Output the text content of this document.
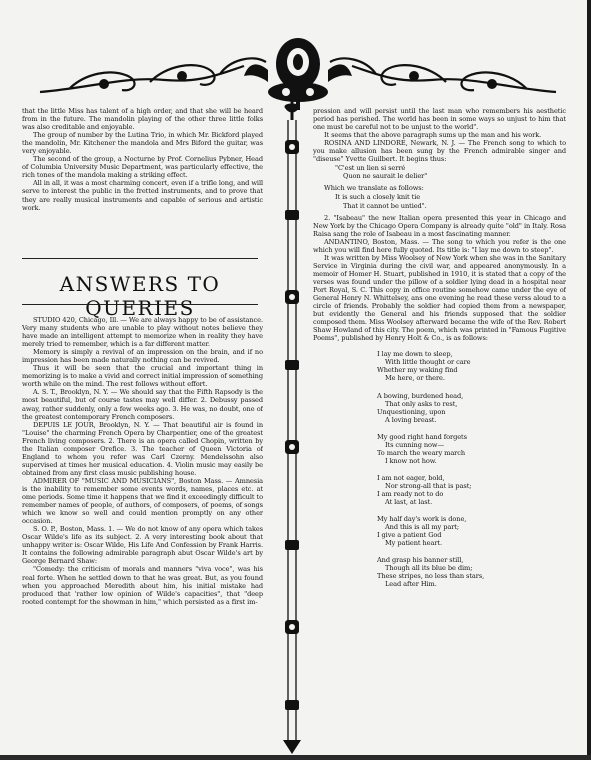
that the little Miss has talent of a high order, and that she will be heard from in the future. The mandolin playing of the other three little folks was also creditable and enjoyable.

The group of number by the Lutina Trio, in which Mr. Bickford played the mandolin, Mr. Kitchener the mandola and Mrs Biford the guitar, was very enjoyable.

The second of the group, a Nocturne by Prof. Cornelius Pybner, Head of Columbia University Music Department, was particularly effective, the rich tones of the mandola making a striking effect.

All in all, it was a most charming concert, even if a trifle long, and will serve to interest the public in the fretted instruments, and to prove that they are really musical instruments and capable of serious and artistic work.

ANSWERS TO QUERIES

STUDIO 420, Chicago, Ill. — We are always happy to be of assistance. Very many students who are unable to play without notes believe they have made an intelligent attempt to memorize when in reality they have merely tried to remember, which is a far different matter.

Memory is simply a revival of an impression on the brain, and if no impression has been made naturally nothing can be revived.

Thus it will be seen that the crucial and important thing in memorizing is to make a vivid and correct initial impression of something worth while on the mind. The rest follows without effort.

A. S. T., Brooklyn, N. Y. — We should say that the Fifth Rapsody is the most beautiful, but of course tastes may well differ. 2. Debussy passed away, rather suddenly, only a few weeks ago. 3. He was, no doubt, one of the greatest contemporary French composers.

DEPUIS LE JOUR, Brooklyn, N. Y. — That beautiful air is found in "Louise" the charming French Opera by Charpentier, one of the greatest French living composers. 2. There is an opera called Chopin, written by the Italian composer Orefice. 3. The teacher of Queen Victoria of England to whom you refer was Carl Czerny. Mendelssohn also supervised at times her musical education. 4. Violin music may easily be obtained from any first class music publishing house.

ADMIRER OF "MUSIC AND MUSICIANS", Boston Mass. — Amnesia is the inability to remember some events words, names, places etc. at ome periods. Some time it happens that we find it exceedingly difficult to remember names of people, of authors, of composers, of poems, of songs which we know so well and could mention promptly on any other occasion.

S. O. P., Boston, Mass. 1. — We do not know of any opera which takes Oscar Wilde's life as its subject. 2. A very interesting book about that unhappy writer is: Oscar Wilde, His Life And Confession by Frank Harris. It contains the following admirable paragraph abut Oscar Wilde's art by George Bernard Shaw:

"Comedy: the criticism of morals and manners "viva voce", was his real forte. When he settled down to that he was great. But, as you found when you approached Meredith about him, his initial mistake had produced that 'rather low opinion of Wilde's capacities", that "deep rooted contempt for the showman in him," which persisted as a first im-

pression and will persist until the last man who remembers his aesthetic period has perished. The world has been in some ways so unjust to him that one must be careful not to be unjust to the world".

It seems that the above paragraph sums up the man and his work.

ROSINA AND LINDORE, Newark, N. J. — The French song to which to you make allusion has been sung by the French admirable singer and "diseuse" Yvette Guilbert. It begins thus:

"C'est un lien si serré
Quon ne saurait le delier"

Which we translate as follows:

It is such a closely knit tie
That it cannot be untied".

2. "Isabeau" the new Italian opera presented this year in Chicago and New York by the Chicago Opera Company is already quite "old" in Italy. Rosa Raisa sang the role of Isabeau in a most fascinating manner.

ANDANTINO, Boston, Mass. — The song to which you refer is the one which you will find here fully quoted. Its title is: "I lay me down to steep".

It was written by Miss Woolsey of New York when she was in the Sanitary Service in Virginia during the civil war, and appeared anonymously. In a memoir of Homer H. Stuart, published in 1910, it is stated that a copy of the verses was found under the pillow of a soldier lying dead in a hospital near Port Royal, S. C. This copy in office routine somehow came under the eye of General Henry N. Whittelsey, ans one evening he read these verss aloud to a circle of friends. Probably the soldier had copied them from a newspaper, but evidently the General and his friends supposed that the soldier composed them. Miss Woolsey afterward became the wife of the Rev. Robert Shaw Howland of this city. The poem, which was printed in "Famous Fugitive Poems", published by Henry Holt & Co., is as follows:

I lay me down to sleep,
With little thought or care
Whether my waking find
Me here, or there.
A bowing, burdened head,
That only asks to rest,
Unquestioning, upon
A loving breast.
My good right hand forgets
Its cunning now—
To march the weary march
I know not how.
I am not eager, bold,
Nor strong-all that is past;
I am ready not to do
At last, at last.
My half day's work is done,
And this is all my part;
I give a patient God
My patient heart.
And grasp his banner still,
Though all its blue be dim;
These stripes, no less than stars,
Lead after Him.
